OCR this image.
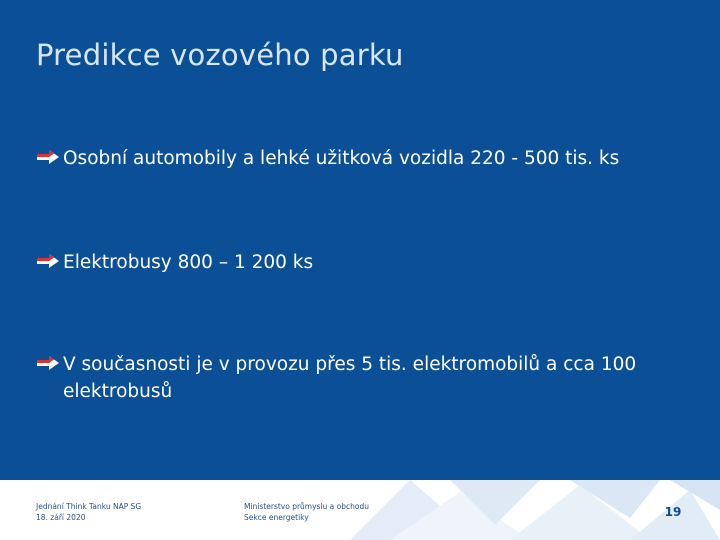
Predikce vozového parku
Osobní automobily a lehké užitková vozidla 220 - 500 tis. ks
Elektrobusy 800 – 1 200 ks
V současnosti je v provozu přes 5 tis. elektromobilů a cca 100 elektrobusů
Jednání Think Tanku NAP SG
18. září 2020
Ministerstvo průmyslu a obchodu
Sekce energetiky	19
